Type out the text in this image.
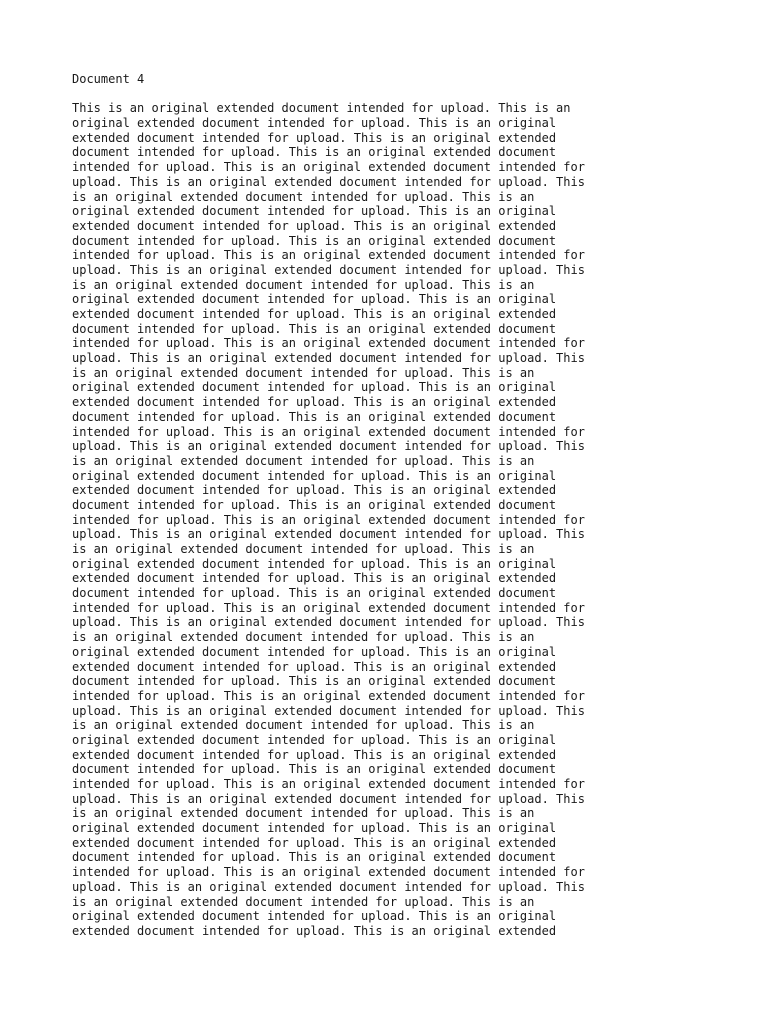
Document 4
This is an original extended document intended for upload. This is an
original extended document intended for upload. This is an original
extended document intended for upload. This is an original extended
document intended for upload. This is an original extended document
intended for upload. This is an original extended document intended for
upload. This is an original extended document intended for upload. This
is an original extended document intended for upload. This is an
original extended document intended for upload. This is an original
extended document intended for upload. This is an original extended
document intended for upload. This is an original extended document
intended for upload. This is an original extended document intended for
upload. This is an original extended document intended for upload. This
is an original extended document intended for upload. This is an
original extended document intended for upload. This is an original
extended document intended for upload. This is an original extended
document intended for upload. This is an original extended document
intended for upload. This is an original extended document intended for
upload. This is an original extended document intended for upload. This
is an original extended document intended for upload. This is an
original extended document intended for upload. This is an original
extended document intended for upload. This is an original extended
document intended for upload. This is an original extended document
intended for upload. This is an original extended document intended for
upload. This is an original extended document intended for upload. This
is an original extended document intended for upload. This is an
original extended document intended for upload. This is an original
extended document intended for upload. This is an original extended
document intended for upload. This is an original extended document
intended for upload. This is an original extended document intended for
upload. This is an original extended document intended for upload. This
is an original extended document intended for upload. This is an
original extended document intended for upload. This is an original
extended document intended for upload. This is an original extended
document intended for upload. This is an original extended document
intended for upload. This is an original extended document intended for
upload. This is an original extended document intended for upload. This
is an original extended document intended for upload. This is an
original extended document intended for upload. This is an original
extended document intended for upload. This is an original extended
document intended for upload. This is an original extended document
intended for upload. This is an original extended document intended for
upload. This is an original extended document intended for upload. This
is an original extended document intended for upload. This is an
original extended document intended for upload. This is an original
extended document intended for upload. This is an original extended
document intended for upload. This is an original extended document
intended for upload. This is an original extended document intended for
upload. This is an original extended document intended for upload. This
is an original extended document intended for upload. This is an
original extended document intended for upload. This is an original
extended document intended for upload. This is an original extended
document intended for upload. This is an original extended document
intended for upload. This is an original extended document intended for
upload. This is an original extended document intended for upload. This
is an original extended document intended for upload. This is an
original extended document intended for upload. This is an original
extended document intended for upload. This is an original extended
